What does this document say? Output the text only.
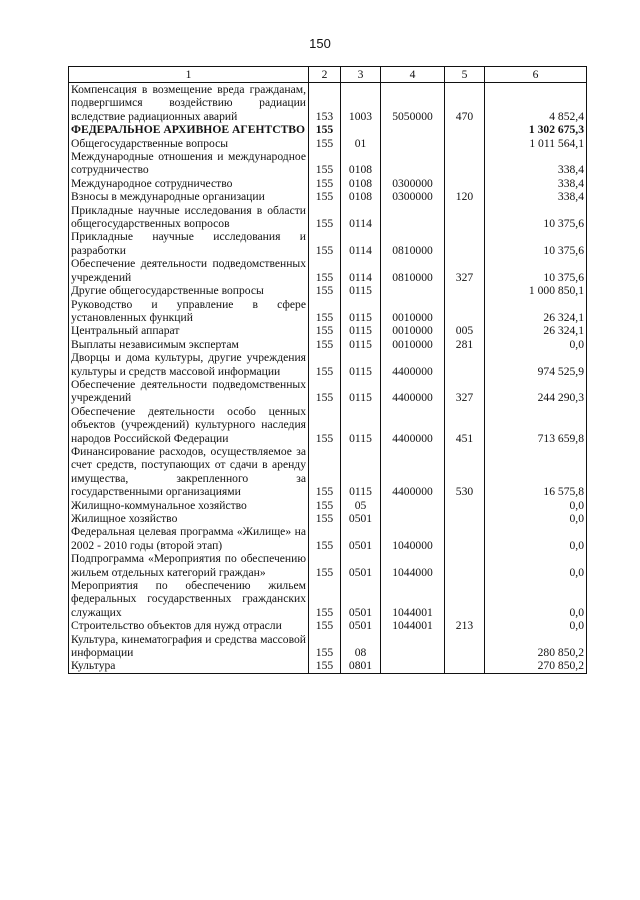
150
1	2	3	4	5	6
Компенсация в возмещение вреда гражданам, подвергшимся воздействию радиации вследствие радиационных аварий	153	1003	5050000	470	4 852,4
ФЕДЕРАЛЬНОЕ АРХИВНОЕ АГЕНТСТВО	155				1 302 675,3
Общегосударственные вопросы	155	01			1 011 564,1
Международные отношения и международное сотрудничество	155	0108			338,4
Международное сотрудничество	155	0108	0300000		338,4
Взносы в международные организации	155	0108	0300000	120	338,4
Прикладные научные исследования в области общегосударственных вопросов	155	0114			10 375,6
Прикладные научные исследования и разработки	155	0114	0810000		10 375,6
Обеспечение деятельности подведомственных учреждений	155	0114	0810000	327	10 375,6
Другие общегосударственные вопросы	155	0115			1 000 850,1
Руководство и управление в сфере установленных функций	155	0115	0010000		26 324,1
Центральный аппарат	155	0115	0010000	005	26 324,1
Выплаты независимым экспертам	155	0115	0010000	281	0,0
Дворцы и дома культуры, другие учреждения культуры и средств массовой информации	155	0115	4400000		974 525,9
Обеспечение деятельности подведомственных учреждений	155	0115	4400000	327	244 290,3
Обеспечение деятельности особо ценных объектов (учреждений) культурного наследия народов Российской Федерации	155	0115	4400000	451	713 659,8
Финансирование расходов, осуществляемое за счет средств, поступающих от сдачи в аренду имущества, закрепленного за государственными организациями	155	0115	4400000	530	16 575,8
Жилищно-коммунальное хозяйство	155	05			0,0
Жилищное хозяйство	155	0501			0,0
Федеральная целевая программа «Жилище» на 2002 - 2010 годы (второй этап)	155	0501	1040000		0,0
Подпрограмма «Мероприятия по обеспечению жильем отдельных категорий граждан»	155	0501	1044000		0,0
Мероприятия по обеспечению жильем федеральных государственных гражданских служащих	155	0501	1044001		0,0
Строительство объектов для нужд отрасли	155	0501	1044001	213	0,0
Культура, кинематография и средства массовой информации	155	08			280 850,2
Культура	155	0801			270 850,2
